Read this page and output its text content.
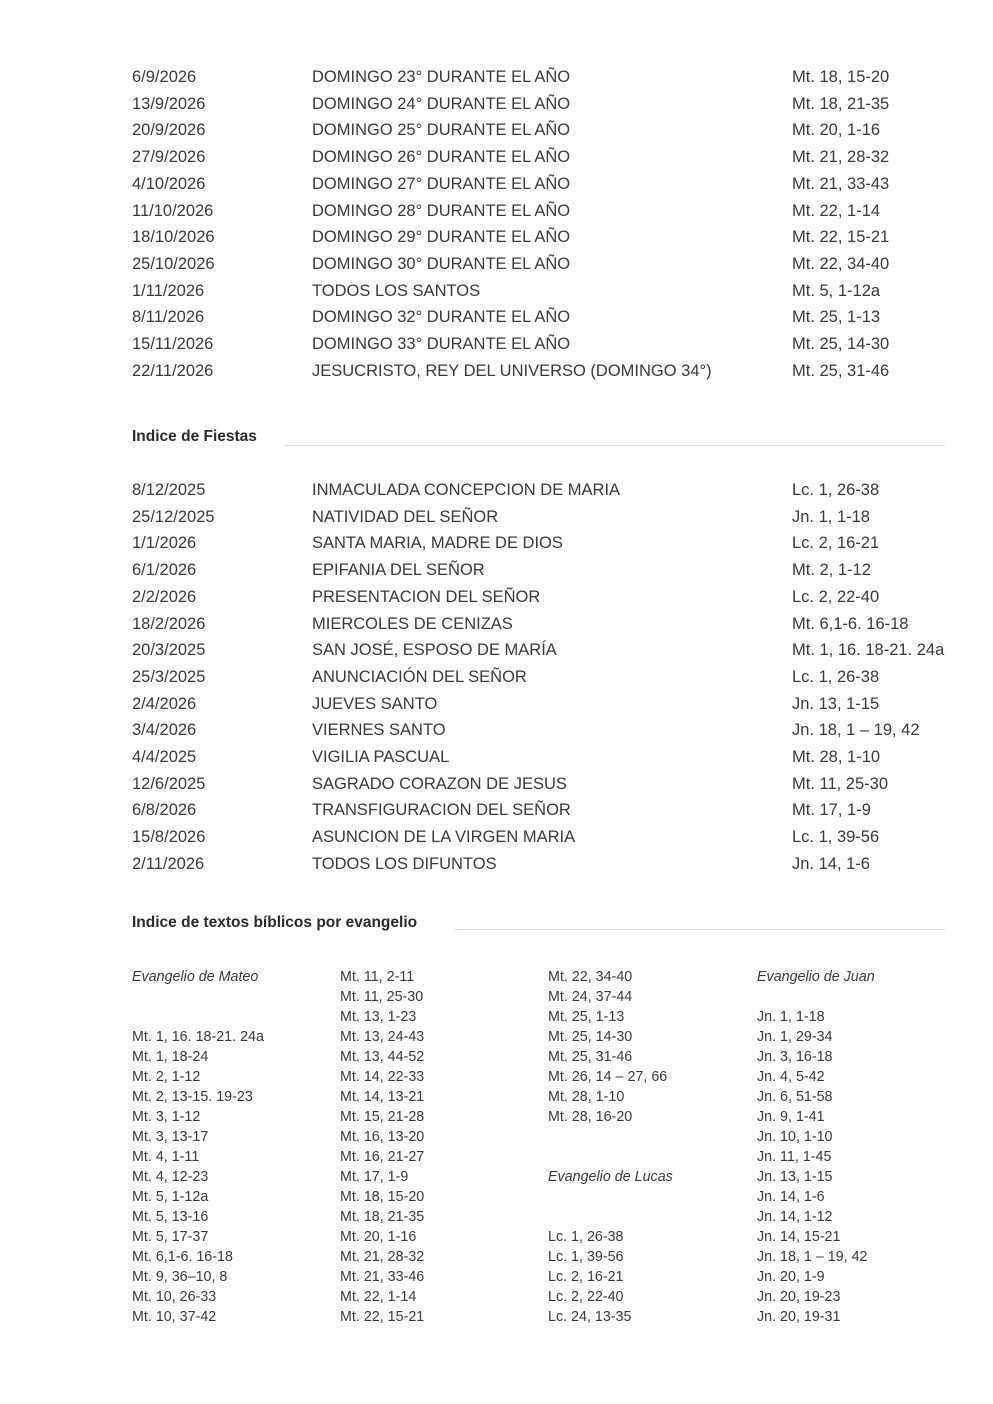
6/9/2026	DOMINGO 23° DURANTE EL AÑO	Mt. 18, 15-20
13/9/2026	DOMINGO 24° DURANTE EL AÑO	Mt. 18, 21-35
20/9/2026	DOMINGO 25° DURANTE EL AÑO	Mt. 20, 1-16
27/9/2026	DOMINGO 26° DURANTE EL AÑO	Mt. 21, 28-32
4/10/2026	DOMINGO 27° DURANTE EL AÑO	Mt. 21, 33-43
11/10/2026	DOMINGO 28° DURANTE EL AÑO	Mt. 22, 1-14
18/10/2026	DOMINGO 29° DURANTE EL AÑO	Mt. 22, 15-21
25/10/2026	DOMINGO 30° DURANTE EL AÑO	Mt. 22, 34-40
1/11/2026	TODOS LOS SANTOS	Mt. 5, 1-12a
8/11/2026	DOMINGO 32° DURANTE EL AÑO	Mt. 25, 1-13
15/11/2026	DOMINGO 33° DURANTE EL AÑO	Mt. 25, 14-30
22/11/2026	JESUCRISTO, REY DEL UNIVERSO (DOMINGO 34°)	Mt. 25, 31-46
Indice de Fiestas
8/12/2025	INMACULADA CONCEPCION DE MARIA	Lc. 1, 26-38
25/12/2025	NATIVIDAD DEL SEÑOR	Jn. 1, 1-18
1/1/2026	SANTA MARIA, MADRE DE DIOS	Lc. 2, 16-21
6/1/2026	EPIFANIA DEL SEÑOR	Mt. 2, 1-12
2/2/2026	PRESENTACION DEL SEÑOR	Lc. 2, 22-40
18/2/2026	MIERCOLES DE CENIZAS	Mt. 6,1-6. 16-18
20/3/2025	SAN JOSÉ, ESPOSO DE MARÍA	Mt. 1, 16. 18-21. 24a
25/3/2025	ANUNCIACIÓN DEL SEÑOR	Lc. 1, 26-38
2/4/2026	JUEVES SANTO	Jn. 13, 1-15
3/4/2026	VIERNES SANTO	Jn. 18, 1 – 19, 42
4/4/2025	VIGILIA PASCUAL	Mt. 28, 1-10
12/6/2025	SAGRADO CORAZON DE JESUS	Mt. 11, 25-30
6/8/2026	TRANSFIGURACION DEL SEÑOR	Mt. 17, 1-9
15/8/2026	ASUNCION DE LA VIRGEN MARIA	Lc. 1, 39-56
2/11/2026	TODOS LOS DIFUNTOS	Jn. 14, 1-6
Indice de textos bíblicos por evangelio
Evangelio de Mateo
Mt. 1, 16. 18-21. 24a
Mt. 1, 18-24
Mt. 2, 1-12
Mt. 2, 13-15. 19-23
Mt. 3, 1-12
Mt. 3, 13-17
Mt. 4, 1-11
Mt. 4, 12-23
Mt. 5, 1-12a
Mt. 5, 13-16
Mt. 5, 17-37
Mt. 6,1-6. 16-18
Mt. 9, 36–10, 8
Mt. 10, 26-33
Mt. 10, 37-42
Mt. 11, 2-11
Mt. 11, 25-30
Mt. 13, 1-23
Mt. 13, 24-43
Mt. 13, 44-52
Mt. 14, 22-33
Mt. 14, 13-21
Mt. 15, 21-28
Mt. 16, 13-20
Mt. 16, 21-27
Mt. 17, 1-9
Mt. 18, 15-20
Mt. 18, 21-35
Mt. 20, 1-16
Mt. 21, 28-32
Mt. 21, 33-46
Mt. 22, 1-14
Mt. 22, 15-21
Mt. 22, 34-40
Mt. 24, 37-44
Mt. 25, 1-13
Mt. 25, 14-30
Mt. 25, 31-46
Mt. 26, 14 – 27, 66
Mt. 28, 1-10
Mt. 28, 16-20
Evangelio de Lucas
Lc. 1, 26-38
Lc. 1, 39-56
Lc. 2, 16-21
Lc. 2, 22-40
Lc. 24, 13-35
Evangelio de Juan
Jn. 1, 1-18
Jn. 1, 29-34
Jn. 3, 16-18
Jn. 4, 5-42
Jn. 6, 51-58
Jn. 9, 1-41
Jn. 10, 1-10
Jn. 11, 1-45
Jn. 13, 1-15
Jn. 14, 1-6
Jn. 14, 1-12
Jn. 14, 15-21
Jn. 18, 1 – 19, 42
Jn. 20, 1-9
Jn. 20, 19-23
Jn. 20, 19-31
